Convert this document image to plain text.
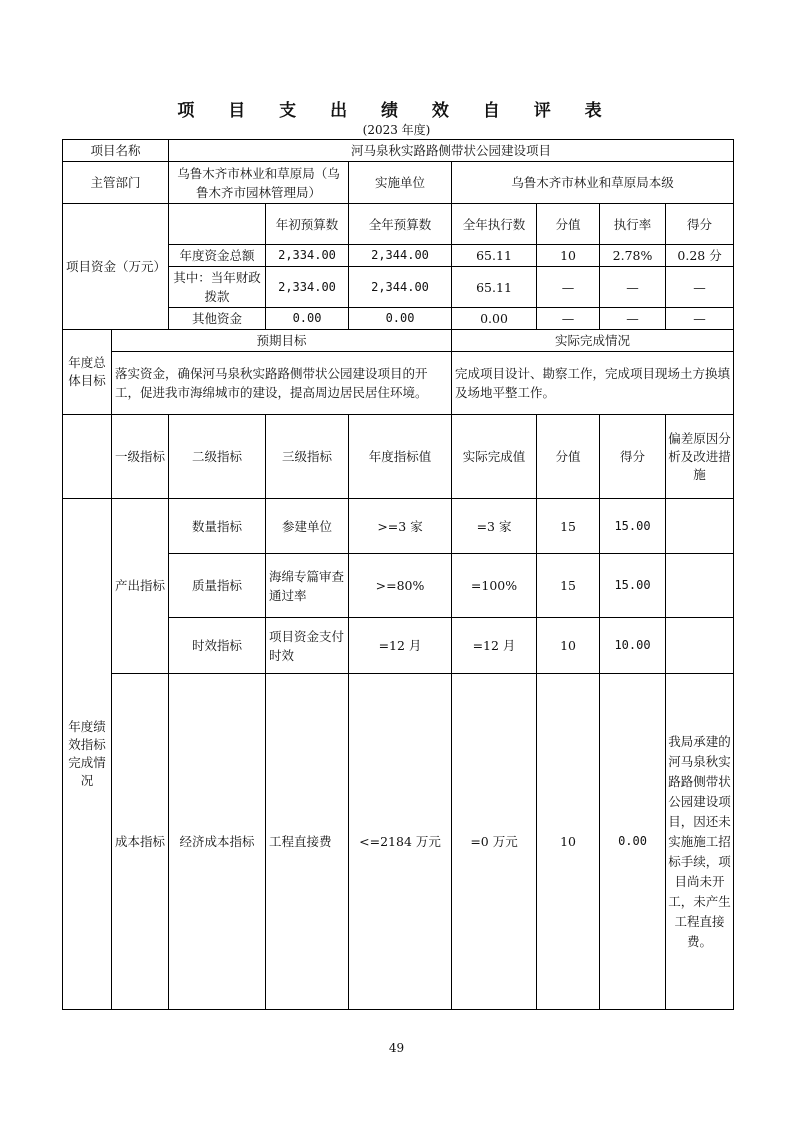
项 目 支 出 绩 效 自 评 表
(2023 年度)
项目名称		河马泉秋实路路侧带状公园建设项目						
主管部门		乌鲁木齐市林业和草原局（乌鲁木齐市园林管理局）		实施单位	乌鲁木齐市林业和草原局本级			
项目资金（万元）			年初预算数	全年预算数	全年执行数	分值	执行率	得分
		年度资金总额	2,334.00	2,344.00	65.11	10	2.78%	0.28 分
		其中：当年财政拨款	2,334.00	2,344.00	65.11	—	—	—
		其他资金	0.00	0.00	0.00	—	—	—
年度总体目标	预期目标				实际完成情况			
	落实资金，确保河马泉秋实路路侧带状公园建设项目的开工，促进我市海绵城市的建设，提高周边居民居住环境。				完成项目设计、勘察工作，完成项目现场土方换填及场地平整工作。			
	一级指标	二级指标	三级指标	年度指标值	实际完成值	分值	得分	偏差原因分析及改进措施
年度绩效指标完成情况	产出指标	数量指标	参建单位	>=3 家	=3 家	15	15.00	
		质量指标	海绵专篇审查通过率	>=80%	=100%	15	15.00	
		时效指标	项目资金支付时效	=12 月	=12 月	10	10.00	
	成本指标	经济成本指标	工程直接费	<=2184 万元	=0 万元	10	0.00	我局承建的河马泉秋实路路侧带状公园建设项目，因还未实施施工招标手续，项目尚未开工，未产生工程直接费。
49
